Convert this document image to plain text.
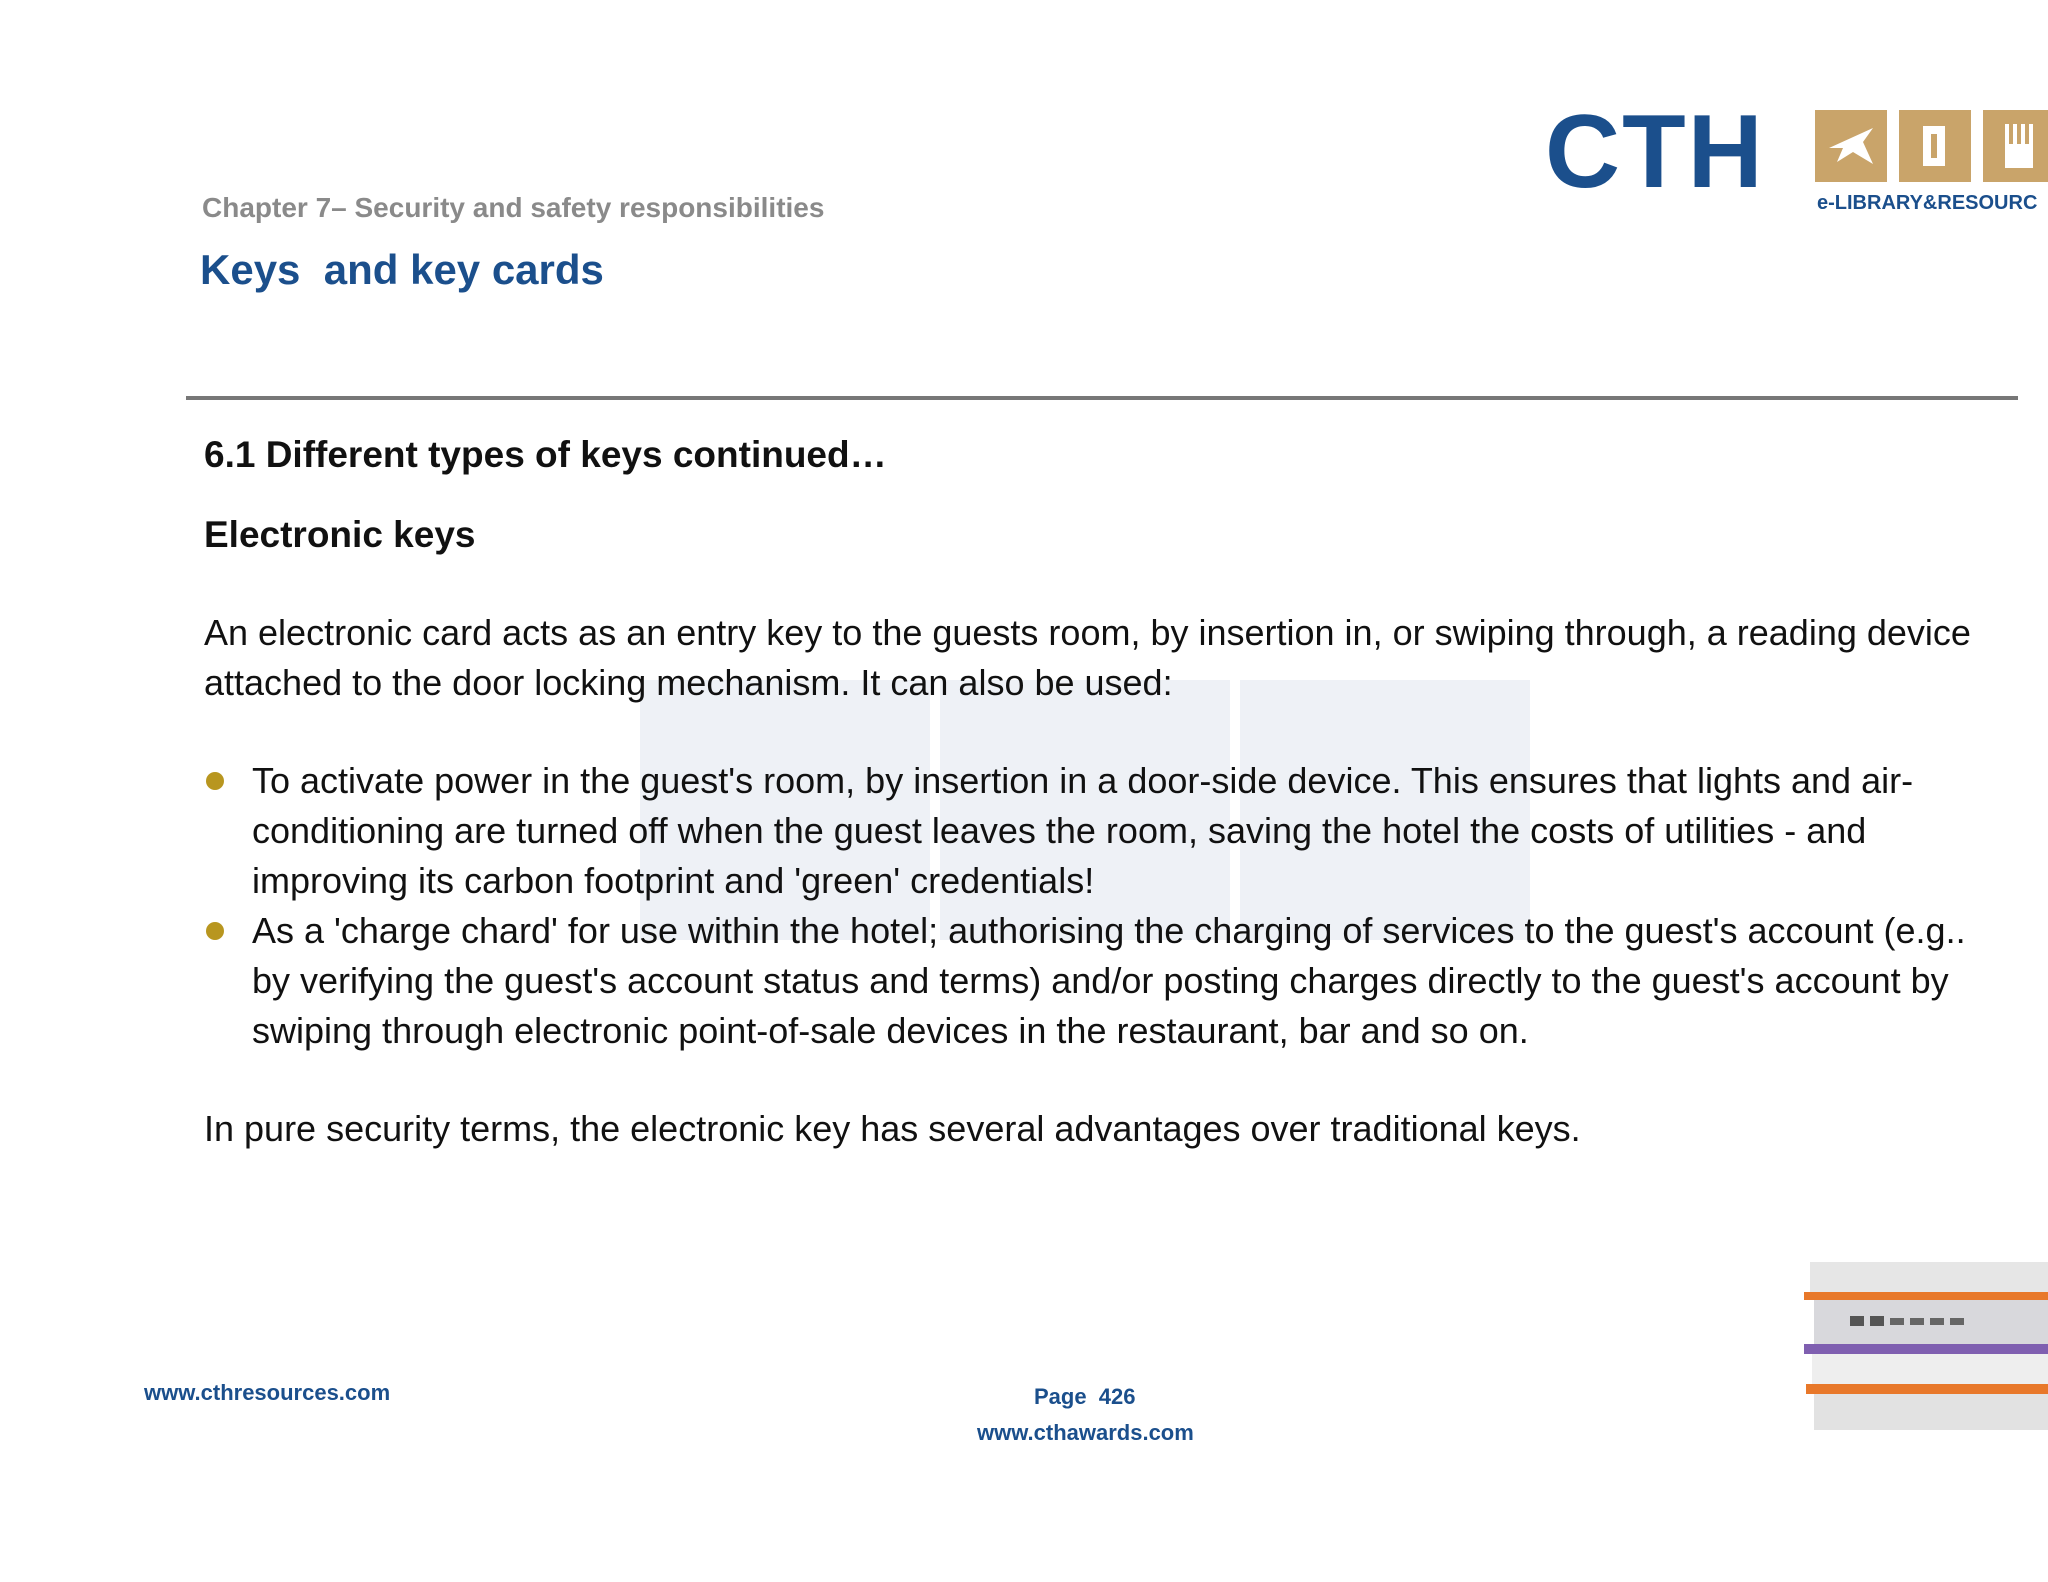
Chapter 7– Security and safety responsibilities
Keys  and key cards
CTH	e-LIBRARY&RESOURC
6.1 Different types of keys continued…
Electronic keys

An electronic card acts as an entry key to the guests room, by insertion in, or swiping through, a reading device attached to the door locking mechanism. It can also be used:

To activate power in the guest's room, by insertion in a door-side device. This ensures that lights and air-conditioning are turned off when the guest leaves the room, saving the hotel the costs of utilities - and improving its carbon footprint and 'green' credentials!
As a 'charge chard' for use within the hotel; authorising the charging of services to the guest's account (e.g.. by verifying the guest's account status and terms) and/or posting charges directly to the guest's account by swiping through electronic point-of-sale devices in the restaurant, bar and so on.

In pure security terms, the electronic key has several advantages over traditional keys.

www.cthresources.com	Page  426
www.cthawards.com
